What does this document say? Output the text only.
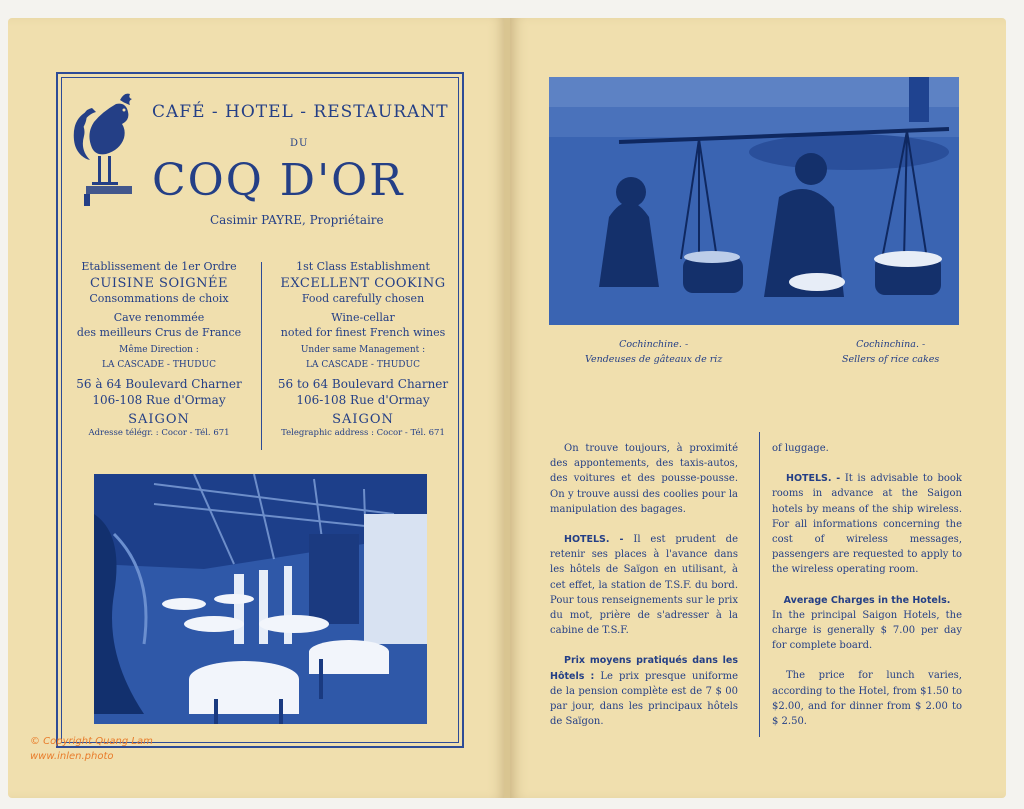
CAFÉ - HOTEL - RESTAURANT
DU
COQ D'OR
Casimir PAYRE, Propriétaire

Etablissement de 1er Ordre

CUISINE SOIGNÉE

Consommations de choix

Cave renommée

des meilleurs Crus de France

Même Direction :

LA CASCADE - THUDUC

56 à 64 Boulevard Charner

106-108 Rue d'Ormay

SAIGON

Adresse télégr. : Cocor - Tél. 671

1st Class Establishment

EXCELLENT COOKING

Food carefully chosen

Wine-cellar

noted for finest French wines

Under same Management :

LA CASCADE - THUDUC

56 to 64 Boulevard Charner

106-108 Rue d'Ormay

SAIGON

Telegraphic address : Cocor - Tél. 671

Cochinchine. -
Vendeuses de gâteaux de riz
Cochinchina. -
Sellers of rice cakes

On trouve toujours, à proximité des appontements, des taxis-autos, des voitures et des pousse-pousse. On y trouve aussi des coolies pour la manipulation des bagages.

HOTELS. - Il est prudent de retenir ses places à l'avance dans les hôtels de Saïgon en utilisant, à cet effet, la station de T.S.F. du bord. Pour tous renseignements sur le prix du mot, prière de s'adresser à la cabine de T.S.F.

Prix moyens pratiqués dans les Hôtels : Le prix presque uniforme de la pension complète est de 7 $ 00 par jour, dans les principaux hôtels de Saïgon.

of luggage.

HOTELS. - It is advisable to book rooms in advance at the Saigon hotels by means of the ship wireless. For all informations concerning the cost of wireless messages, passengers are requested to apply to the wireless operating room.

Average Charges in the Hotels.

In the principal Saigon Hotels, the charge is generally $ 7.00 per day for complete board.

The price for lunch varies, according to the Hotel, from $1.50 to $2.00, and for dinner from $ 2.00 to $ 2.50.

© Copyright Quang Lam
www.inlen.photo
